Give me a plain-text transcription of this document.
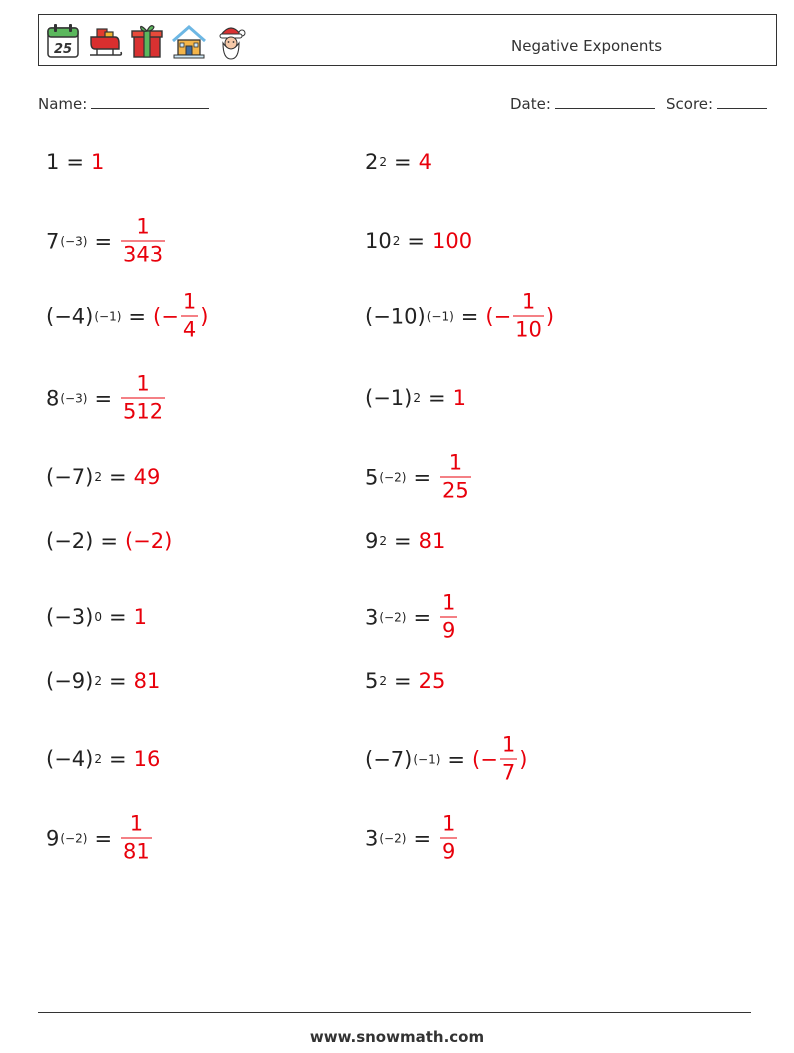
25	Negative Exponents
Name:	Date:	Score:
1 = 1	2 2 = 4
7 $(-3) = \frac{1}{343}$	10 2 = 100
(−4) (−1) = (− $\frac{1}{4}$ )	(−10) (−1) = (− $\frac{1}{10}$ )
8 $(-3) = \frac{1}{512}$	(−1) 2 = 1
(−7) 2 = 49	5 $(-2) = \frac{1}{25}$
(−2) = (−2)	9 2 = 81
(−3) 0 = 1	3 $(-2) = \frac{1}{9}$
(−9) 2 = 81	5 2 = 25
(−4) 2 = 16	(−7) (−1) = (− $\frac{1}{7}$ )
9 $(-2) = \frac{1}{81}$	3 $(-2) = \frac{1}{9}$
www.snowmath.com
